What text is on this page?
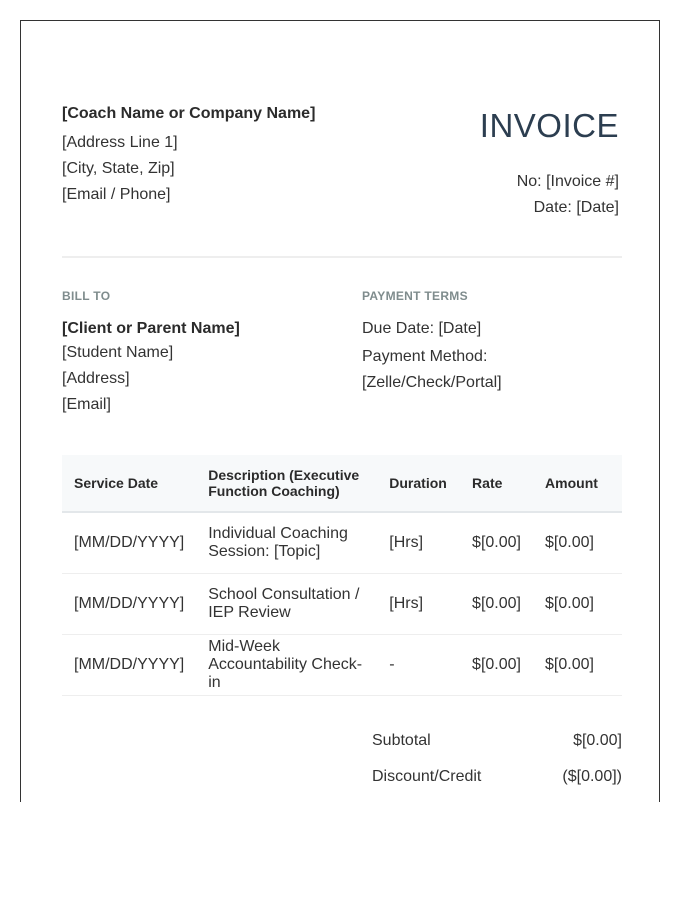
[Coach Name or Company Name]
[Address Line 1]
[City, State, Zip]
[Email / Phone]
INVOICE
No: [Invoice #]
Date: [Date]
BILL TO
[Client or Parent Name]
[Student Name]
[Address]
[Email]
PAYMENT TERMS
Due Date: [Date]
Payment Method:
[Zelle/Check/Portal]
Service Date	Description (Executive Function Coaching)	Duration	Rate	Amount
[MM/DD/YYYY]	Individual Coaching Session: [Topic]	[Hrs]	$[0.00]	$[0.00]
[MM/DD/YYYY]	School Consultation / IEP Review	[Hrs]	$[0.00]	$[0.00]
[MM/DD/YYYY]	Mid-Week Accountability Check-in	-	$[0.00]	$[0.00]
Subtotal	$[0.00]
Discount/Credit	($[0.00])
